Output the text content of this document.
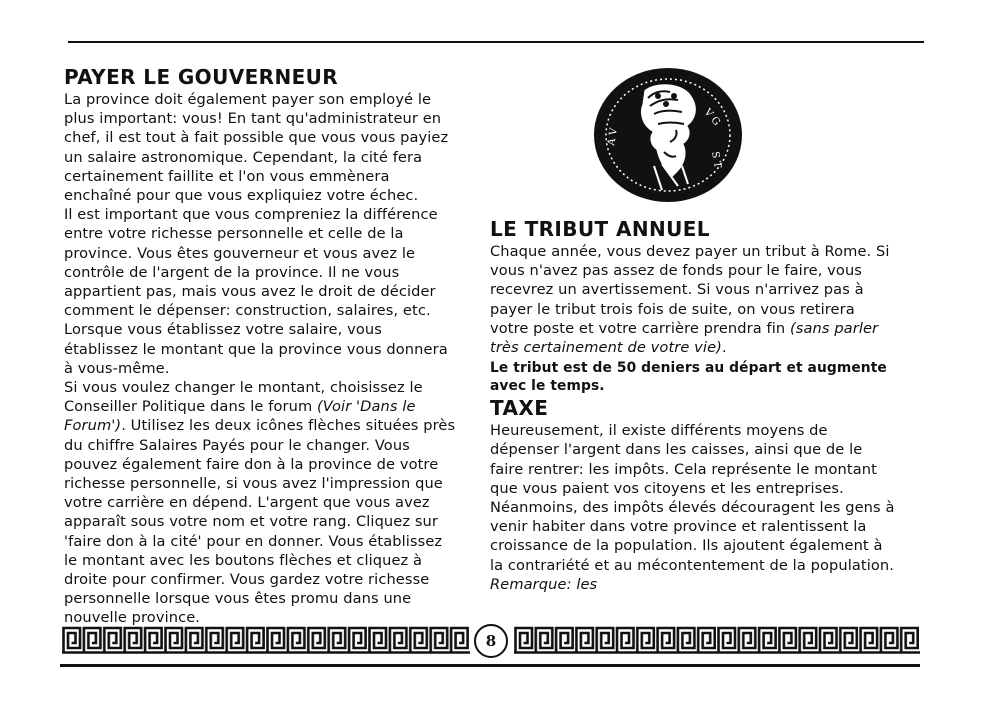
PAYER LE GOUVERNEUR

La province doit également payer son employé le plus important: vous! En tant qu'administrateur en chef, il est tout à fait possible que vous vous payiez un salaire astronomique. Cependant, la cité fera certainement faillite et l'on vous emmènera enchaîné pour que vous expliquiez votre échec.

Il est important que vous compreniez la différence entre votre richesse personnelle et celle de la province. Vous êtes gouverneur et vous avez le contrôle de l'argent de la province. Il ne vous appartient pas, mais vous avez le droit de décider comment le dépenser: construction, salaires, etc. Lorsque vous établissez votre salaire, vous établissez le montant que la province vous donnera à vous-même.

Si vous voulez changer le montant, choisissez le Conseiller Politique dans le forum (Voir 'Dans le Forum'). Utilisez les deux icônes flèches situées près du chiffre Salaires Payés pour le changer. Vous pouvez également faire don à la province de votre richesse personnelle, si vous avez l'impression que votre carrière en dépend. L'argent que vous avez apparaît sous votre nom et votre rang. Cliquez sur 'faire don à la cité' pour en donner. Vous établissez le montant avec les boutons flèches et cliquez à droite pour confirmer. Vous gardez votre richesse personnelle lorsque vous êtes promu dans une nouvelle province.

V G
S T
A V
LE TRIBUT ANNUEL

Chaque année, vous devez payer un tribut à Rome. Si vous n'avez pas assez de fonds pour le faire, vous recevrez un avertissement. Si vous n'arrivez pas à payer le tribut trois fois de suite, on vous retirera votre poste et votre carrière prendra fin (sans parler très certainement de votre vie).

Le tribut est de 50 deniers au départ et augmente avec le temps.

TAXE

Heureusement, il existe différents moyens de dépenser l'argent dans les caisses, ainsi que de le faire rentrer: les impôts. Cela représente le montant que vous paient vos citoyens et les entreprises. Néanmoins, des impôts élevés découragent les gens à venir habiter dans votre province et ralentissent la croissance de la population. Ils ajoutent également à la contrariété et au mécontentement de la population. Remarque: les

8
